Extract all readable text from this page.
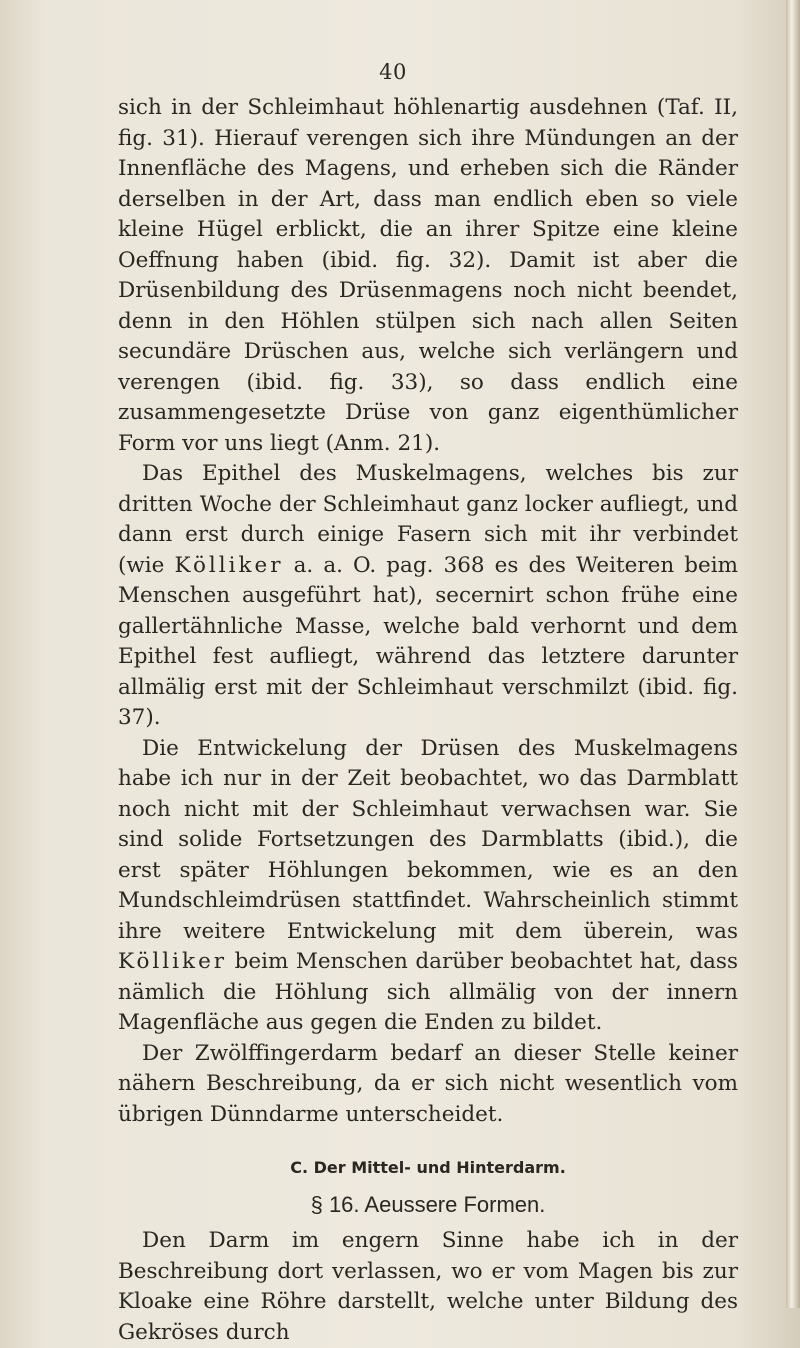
40

sich in der Schleimhaut höhlenartig ausdehnen (Taf. II, fig. 31). Hierauf verengen sich ihre Mündungen an der Innenfläche des Magens, und erheben sich die Ränder derselben in der Art, dass man endlich eben so viele kleine Hügel erblickt, die an ihrer Spitze eine kleine Oeffnung haben (ibid. fig. 32). Damit ist aber die Drüsenbildung des Drüsenmagens noch nicht beendet, denn in den Höhlen stülpen sich nach allen Seiten secundäre Drüschen aus, welche sich verlängern und verengen (ibid. fig. 33), so dass endlich eine zusammengesetzte Drüse von ganz eigenthümlicher Form vor uns liegt (Anm. 21).

Das Epithel des Muskelmagens, welches bis zur dritten Woche der Schleimhaut ganz locker aufliegt, und dann erst durch einige Fasern sich mit ihr verbindet (wie Kölliker a. a. O. pag. 368 es des Weiteren beim Menschen ausgeführt hat), secernirt schon frühe eine gallertähnliche Masse, welche bald verhornt und dem Epithel fest aufliegt, während das letztere darunter allmälig erst mit der Schleimhaut verschmilzt (ibid. fig. 37).

Die Entwickelung der Drüsen des Muskelmagens habe ich nur in der Zeit beobachtet, wo das Darmblatt noch nicht mit der Schleimhaut verwachsen war. Sie sind solide Fortsetzungen des Darmblatts (ibid.), die erst später Höhlungen bekommen, wie es an den Mundschleimdrüsen stattfindet. Wahrscheinlich stimmt ihre weitere Entwickelung mit dem überein, was Kölliker beim Menschen darüber beobachtet hat, dass nämlich die Höhlung sich allmälig von der innern Magenfläche aus gegen die Enden zu bildet.

Der Zwölffingerdarm bedarf an dieser Stelle keiner nähern Beschreibung, da er sich nicht wesentlich vom übrigen Dünndarme unterscheidet.

C. Der Mittel- und Hinterdarm.
§ 16. Aeussere Formen.

Den Darm im engern Sinne habe ich in der Beschreibung dort verlassen, wo er vom Magen bis zur Kloake eine Röhre darstellt, welche unter Bildung des Gekröses durch
